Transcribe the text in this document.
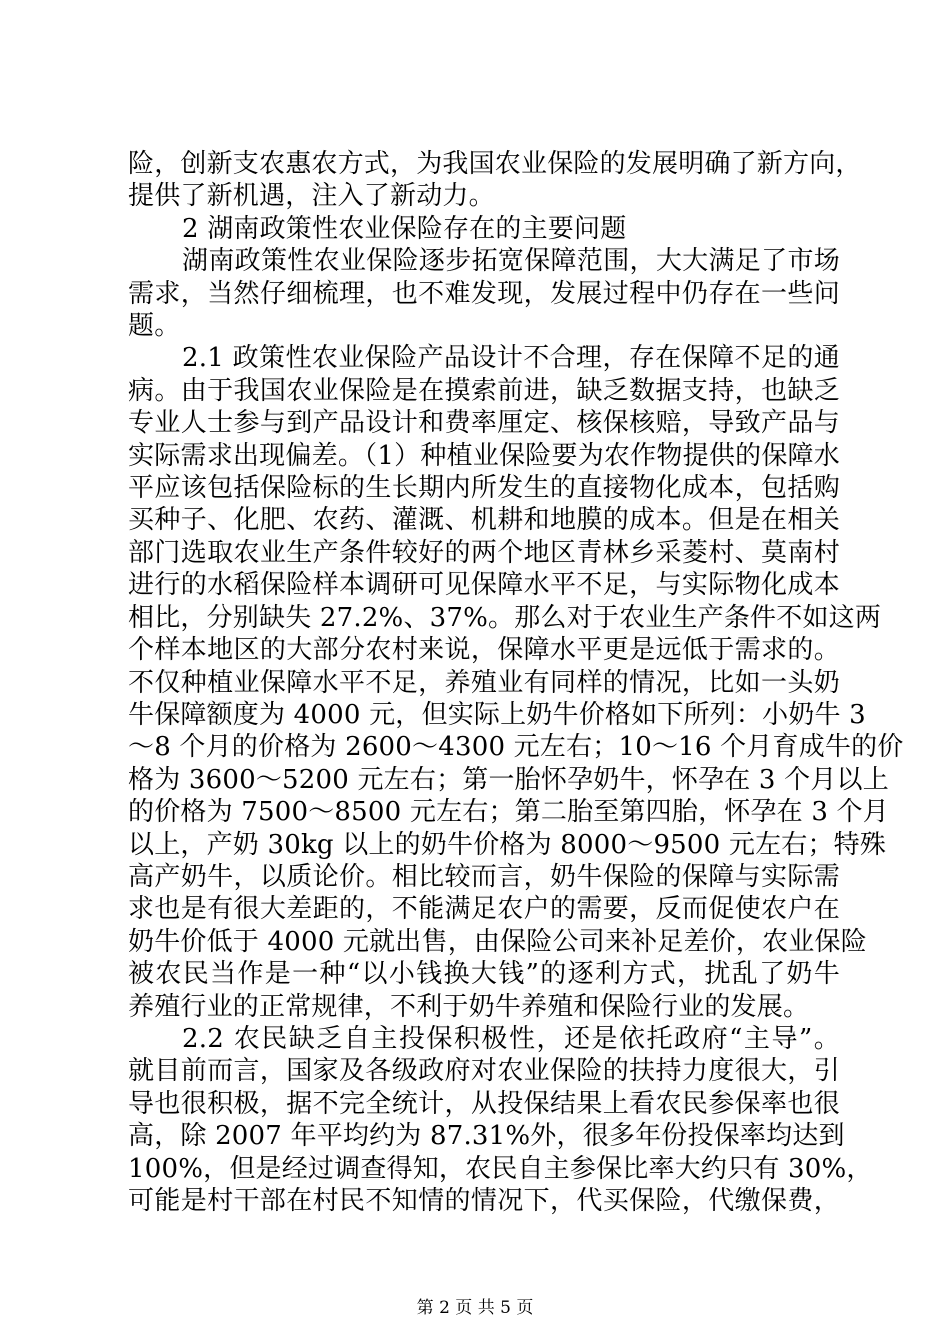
险，创新支农惠农方式，为我国农业保险的发展明确了新方向，
提供了新机遇，注入了新动力。
2 湖南政策性农业保险存在的主要问题
湖南政策性农业保险逐步拓宽保障范围，大大满足了市场
需求，当然仔细梳理，也不难发现，发展过程中仍存在一些问
题。
2.1 政策性农业保险产品设计不合理，存在保障不足的通
病。由于我国农业保险是在摸索前进，缺乏数据支持，也缺乏
专业人士参与到产品设计和费率厘定、核保核赔，导致产品与
实际需求出现偏差。（1）种植业保险要为农作物提供的保障水
平应该包括保险标的生长期内所发生的直接物化成本，包括购
买种子、化肥、农药、灌溉、机耕和地膜的成本。但是在相关
部门选取农业生产条件较好的两个地区青林乡采菱村、莫南村
进行的水稻保险样本调研可见保障水平不足，与实际物化成本
相比，分别缺失 27.2%、37%。那么对于农业生产条件不如这两
个样本地区的大部分农村来说，保障水平更是远低于需求的。
不仅种植业保障水平不足，养殖业有同样的情况，比如一头奶
牛保障额度为 4000 元，但实际上奶牛价格如下所列：小奶牛 3
～8 个月的价格为 2600～4300 元左右；10～16 个月育成牛的价
格为 3600～5200 元左右；第一胎怀孕奶牛，怀孕在 3 个月以上
的价格为 7500～8500 元左右；第二胎至第四胎，怀孕在 3 个月
以上，产奶 30kg 以上的奶牛价格为 8000～9500 元左右；特殊
高产奶牛，以质论价。相比较而言，奶牛保险的保障与实际需
求也是有很大差距的，不能满足农户的需要，反而促使农户在
奶牛价低于 4000 元就出售，由保险公司来补足差价，农业保险
被农民当作是一种“以小钱换大钱”的逐利方式，扰乱了奶牛
养殖行业的正常规律，不利于奶牛养殖和保险行业的发展。
2.2 农民缺乏自主投保积极性，还是依托政府“主导”。
就目前而言，国家及各级政府对农业保险的扶持力度很大，引
导也很积极，据不完全统计，从投保结果上看农民参保率也很
高，除 2007 年平均约为 87.31%外，很多年份投保率均达到
100%，但是经过调查得知，农民自主参保比率大约只有 30%，
可能是村干部在村民不知情的情况下，代买保险，代缴保费，
第 2 页 共 5 页
